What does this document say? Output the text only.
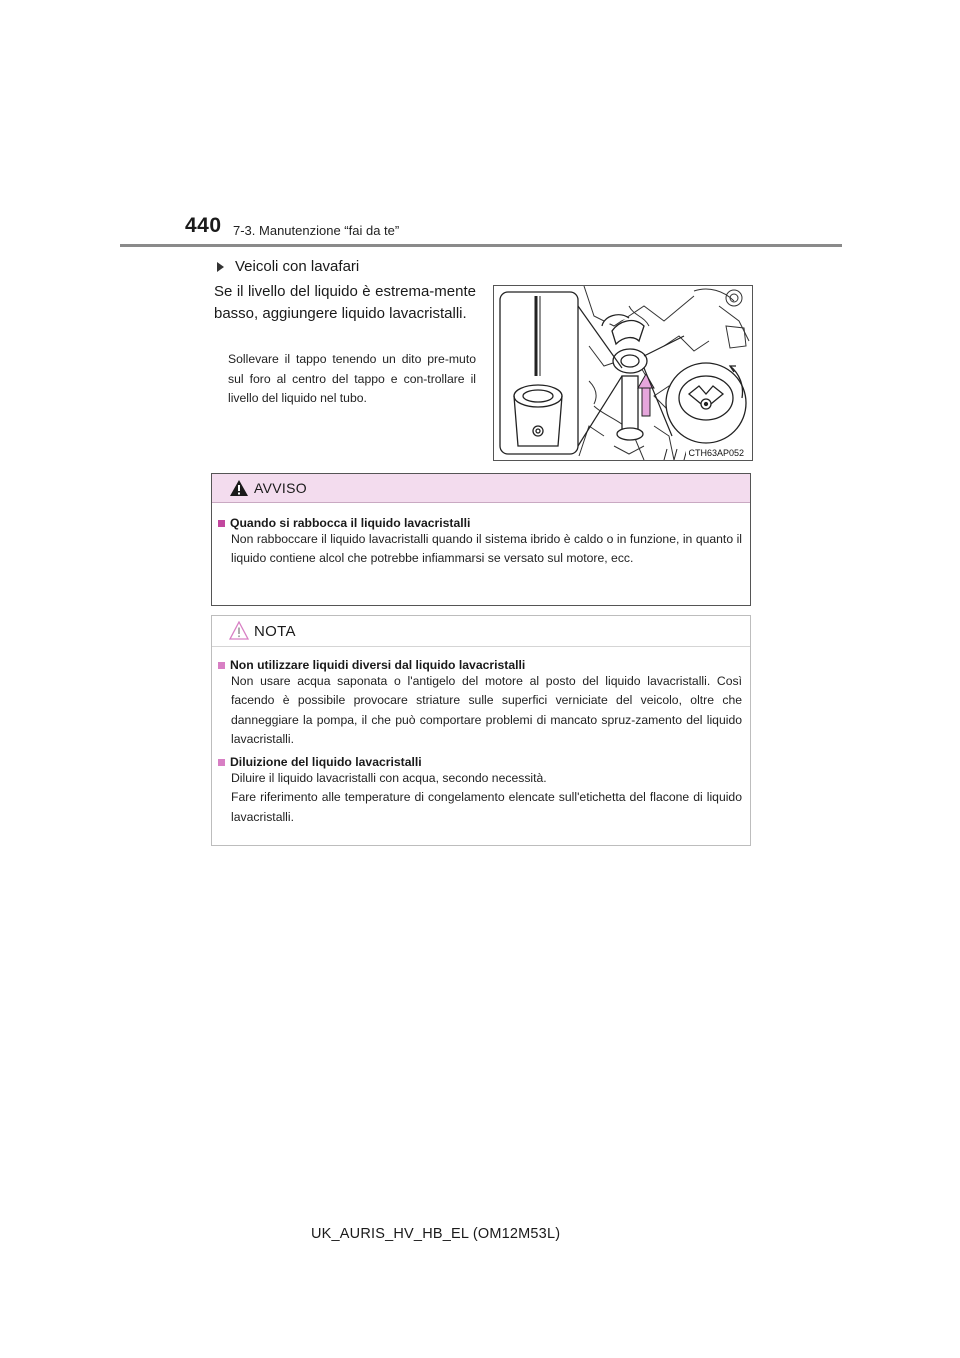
440 7-3. Manutenzione “fai da te”
Veicoli con lavafari
Se il livello del liquido è estrema-mente basso, aggiungere liquido lavacristalli.
Sollevare il tappo tenendo un dito pre-muto sul foro al centro del tappo e con-trollare il livello del liquido nel tubo.
CTH63AP052
AVVISO
Quando si rabbocca il liquido lavacristalli
Non rabboccare il liquido lavacristalli quando il sistema ibrido è caldo o in funzione, in quanto il liquido contiene alcol che potrebbe infiammarsi se versato sul motore, ecc.
NOTA
Non utilizzare liquidi diversi dal liquido lavacristalli
Non usare acqua saponata o l'antigelo del motore al posto del liquido lavacristalli. Così facendo è possibile provocare striature sulle superfici verniciate del veicolo, oltre che danneggiare la pompa, il che può comportare problemi di mancato spruz-zamento del liquido lavacristalli.
Diluizione del liquido lavacristalli
Diluire il liquido lavacristalli con acqua, secondo necessità.
Fare riferimento alle temperature di congelamento elencate sull'etichetta del flacone di liquido lavacristalli.
UK_AURIS_HV_HB_EL (OM12M53L)
